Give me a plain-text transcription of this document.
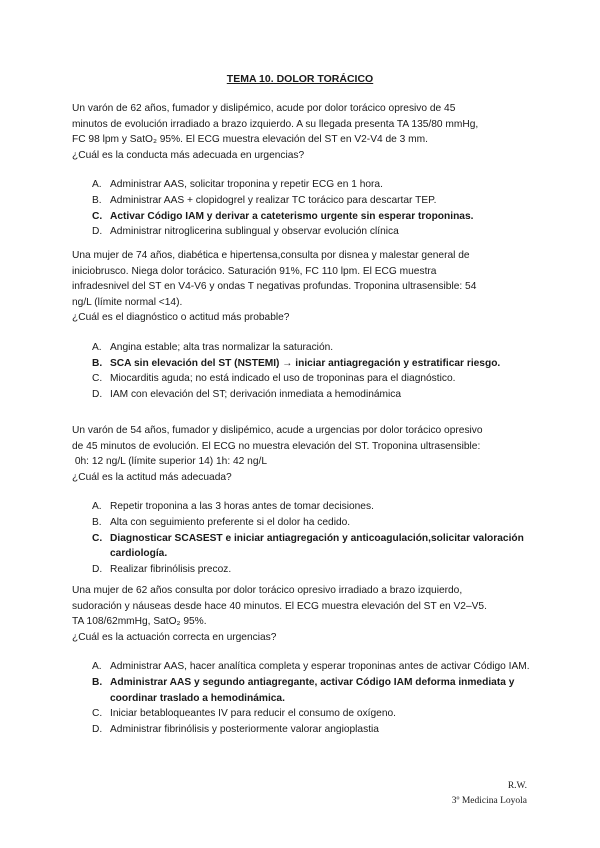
TEMA 10. DOLOR TORÁCICO
Un varón de 62 años, fumador y dislipémico, acude por dolor torácico opresivo de 45
minutos de evolución irradiado a brazo izquierdo. A su llegada presenta TA 135/80 mmHg,
FC 98 lpm y SatO₂ 95%. El ECG muestra elevación del ST en V2-V4 de 3 mm.
¿Cuál es la conducta más adecuada en urgencias?
A. Administrar AAS, solicitar troponina y repetir ECG en 1 hora.
B. Administrar AAS + clopidogrel y realizar TC torácico para descartar TEP.
C. Activar Código IAM y derivar a cateterismo urgente sin esperar troponinas.
D. Administrar nitroglicerina sublingual y observar evolución clínica
Una mujer de 74 años, diabética e hipertensa,consulta por disnea y malestar general de
iniciobrusco. Niega dolor torácico. Saturación 91%, FC 110 lpm. El ECG muestra
infradesnivel del ST en V4-V6 y ondas T negativas profundas. Troponina ultrasensible: 54
ng/L (límite normal <14).
¿Cuál es el diagnóstico o actitud más probable?
A. Angina estable; alta tras normalizar la saturación.
B. SCA sin elevación del ST (NSTEMI) → iniciar antiagregación y estratificar riesgo.
C. Miocarditis aguda; no está indicado el uso de troponinas para el diagnóstico.
D. IAM con elevación del ST; derivación inmediata a hemodinámica
Un varón de 54 años, fumador y dislipémico, acude a urgencias por dolor torácico opresivo
de 45 minutos de evolución. El ECG no muestra elevación del ST. Troponina ultrasensible:
0h: 12 ng/L (límite superior 14) 1h: 42 ng/L
¿Cuál es la actitud más adecuada?
A. Repetir troponina a las 3 horas antes de tomar decisiones.
B. Alta con seguimiento preferente si el dolor ha cedido.
C. Diagnosticar SCASEST e iniciar antiagregación y anticoagulación,solicitar valoración cardiología.
D. Realizar fibrinólisis precoz.
Una mujer de 62 años consulta por dolor torácico opresivo irradiado a brazo izquierdo,
sudoración y náuseas desde hace 40 minutos. El ECG muestra elevación del ST en V2–V5.
TA 108/62mmHg, SatO₂ 95%.
¿Cuál es la actuación correcta en urgencias?
A. Administrar AAS, hacer analítica completa y esperar troponinas antes de activar Código IAM.
B. Administrar AAS y segundo antiagregante, activar Código IAM deforma inmediata y coordinar traslado a hemodinámica.
C. Iniciar betabloqueantes IV para reducir el consumo de oxígeno.
D. Administrar fibrinólisis y posteriormente valorar angioplastia
R.W.
3º Medicina Loyola
